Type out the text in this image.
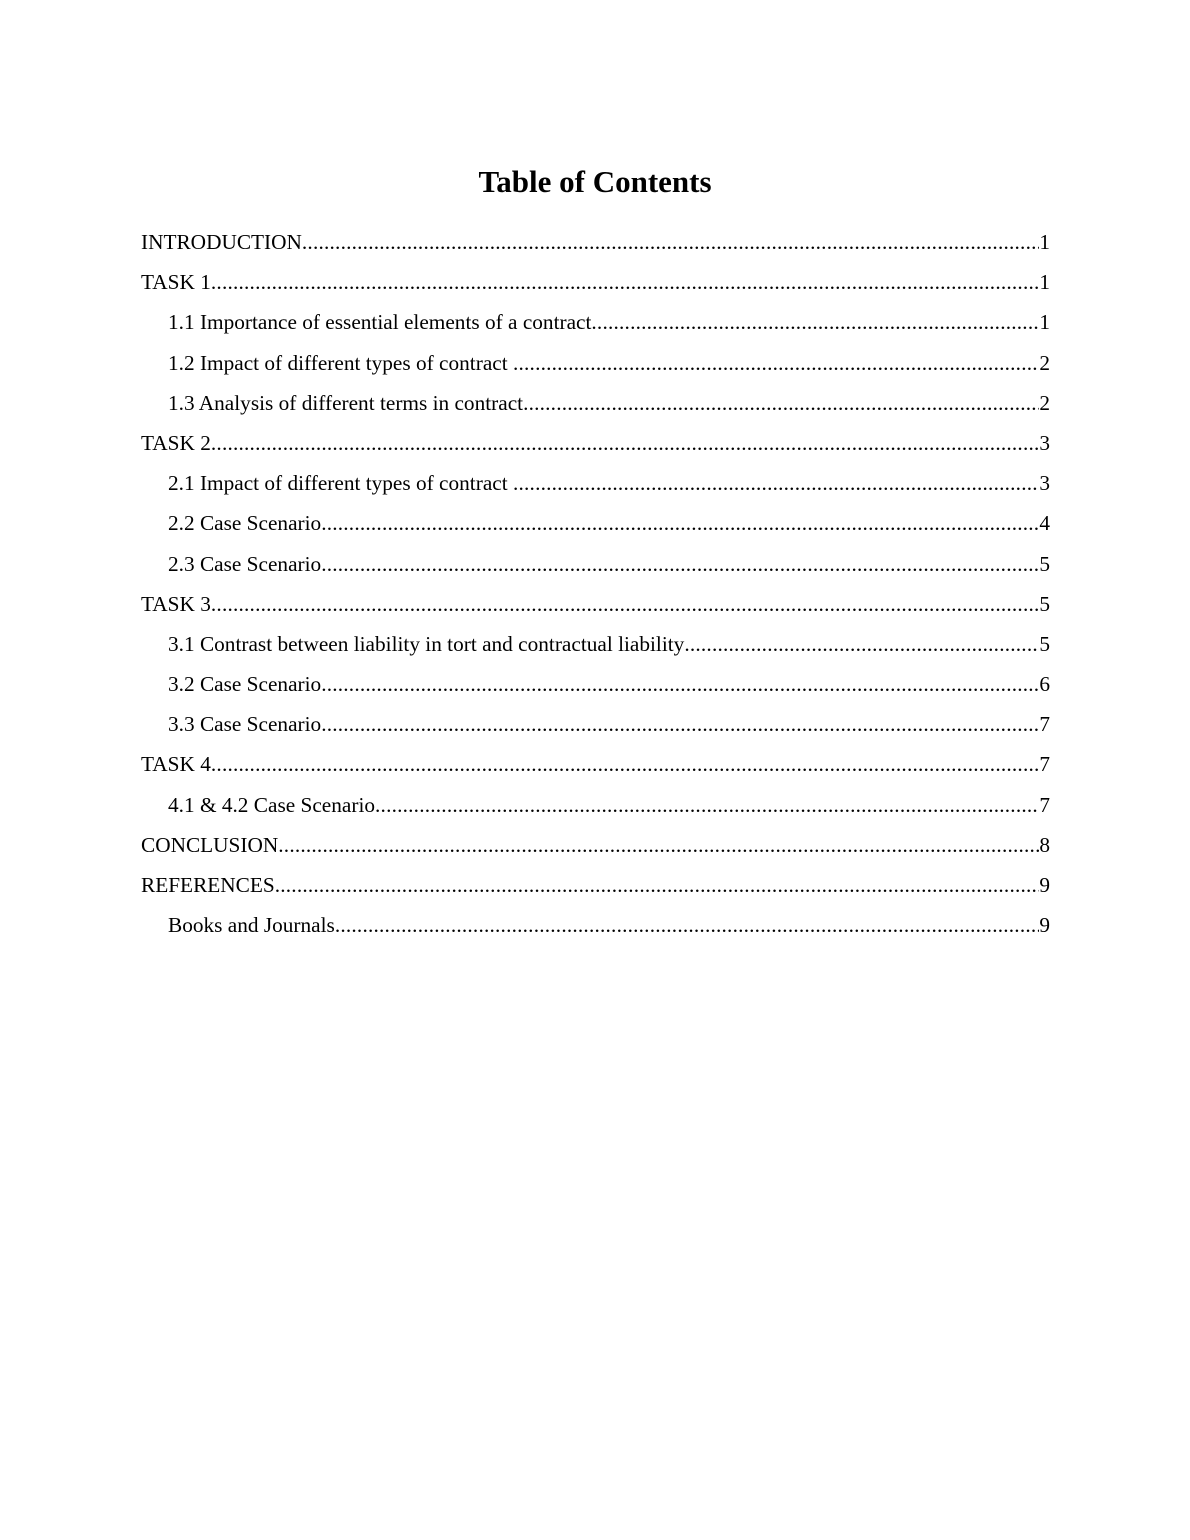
Table of Contents
INTRODUCTION .....	1
TASK 1 .....	1
1.1 Importance of essential elements of a contract .....	1
1.2 Impact of different types of contract .....	2
1.3 Analysis of different terms in contract .....	2
TASK 2 .....	3
2.1 Impact of different types of contract .....	3
2.2 Case Scenario .....	4
2.3 Case Scenario .....	5
TASK 3 .....	5
3.1 Contrast between liability in tort and contractual liability .....	5
3.2 Case Scenario .....	6
3.3 Case Scenario .....	7
TASK 4 .....	7
4.1 & 4.2 Case Scenario .....	7
CONCLUSION .....	8
REFERENCES .....	9
Books and Journals .....	9
